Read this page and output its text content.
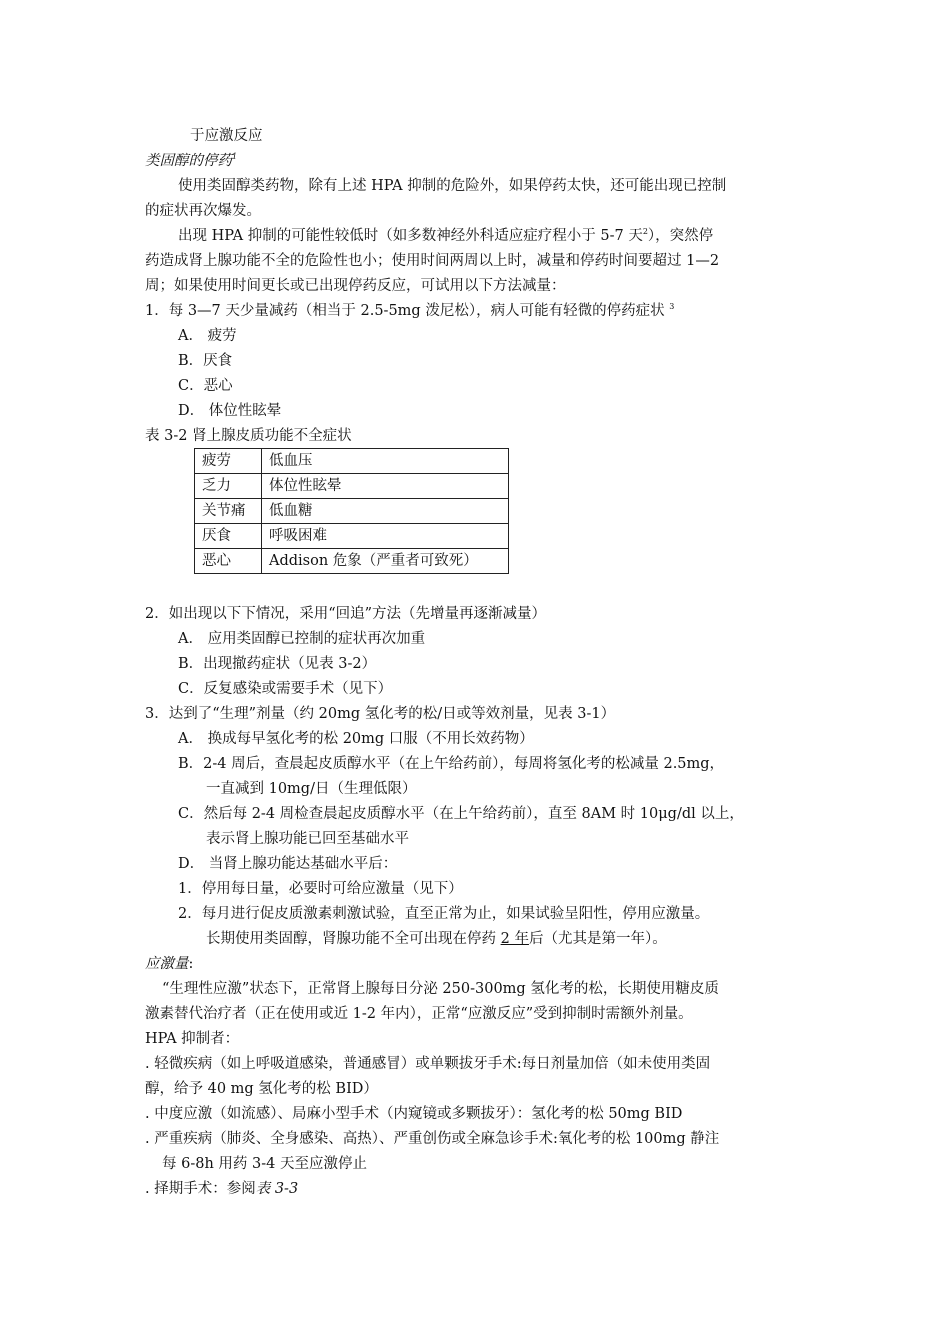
于应激反应
类固醇的停药$^1$
使用类固醇类药物，除有上述 HPA 抑制的危险外，如果停药太快，还可能出现已控制
的症状再次爆发。
出现 HPA 抑制的可能性较低时（如多数神经外科适应症疗程小于 5-7 天$^2$），突然停
药造成肾上腺功能不全的危险性也小；使用时间两周以上时，减量和停药时间要超过 1—2
周；如果使用时间更长或已出现停药反应，可试用以下方法减量：
1．每 3—7 天少量减药（相当于 2.5-5mg 泼尼松），病人可能有轻微的停药症状 $^3$
A． 疲劳
B．厌食
C．恶心
D． 体位性眩晕
表 3-2 肾上腺皮质功能不全症状
疲劳	低血压
乏力	体位性眩晕
关节痛	低血糖
厌食	呼吸困难
恶心	Addison 危象（严重者可致死）
2．如出现以下下情况，采用“回追”方法（先增量再逐渐减量）
A． 应用类固醇已控制的症状再次加重
B．出现撤药症状（见表 3-2）
C．反复感染或需要手术（见下）
3．达到了“生理”剂量（约 20mg 氢化考的松/日或等效剂量，见表 3-1）
A． 换成每早氢化考的松 20mg 口服（不用长效药物）
B．2-4 周后，查晨起皮质醇水平（在上午给药前），每周将氢化考的松减量 2.5mg，
一直减到 10mg/日（生理低限）
C．然后每 2-4 周检查晨起皮质醇水平（在上午给药前），直至 8AM 时 10μg/dl 以上，
表示肾上腺功能已回至基础水平
D． 当肾上腺功能达基础水平后：
1．停用每日量，必要时可给应激量（见下）
2．每月进行促皮质激素刺激试验，直至正常为止，如果试验呈阳性，停用应激量。
长期使用类固醇，肾腺功能不全可出现在停药 2 年后（尤其是第一年）。
应激量:
“生理性应激”状态下，正常肾上腺每日分泌 250-300mg 氢化考的松，长期使用糖皮质
激素替代治疗者（正在使用或近 1-2 年内），正常“应激反应”受到抑制时需额外剂量。
HPA 抑制者：
. 轻微疾病（如上呼吸道感染，普通感冒）或单颗拔牙手术:每日剂量加倍（如未使用类固
醇，给予 40 mg 氢化考的松 BID）
. 中度应激（如流感）、局麻小型手术（内窥镜或多颗拔牙）：氢化考的松 50mg BID
. 严重疾病（肺炎、全身感染、高热）、严重创伤或全麻急诊手术:氧化考的松 100mg 静注
每 6-8h 用药 3-4 天至应激停止
. 择期手术：参阅表 3-3
